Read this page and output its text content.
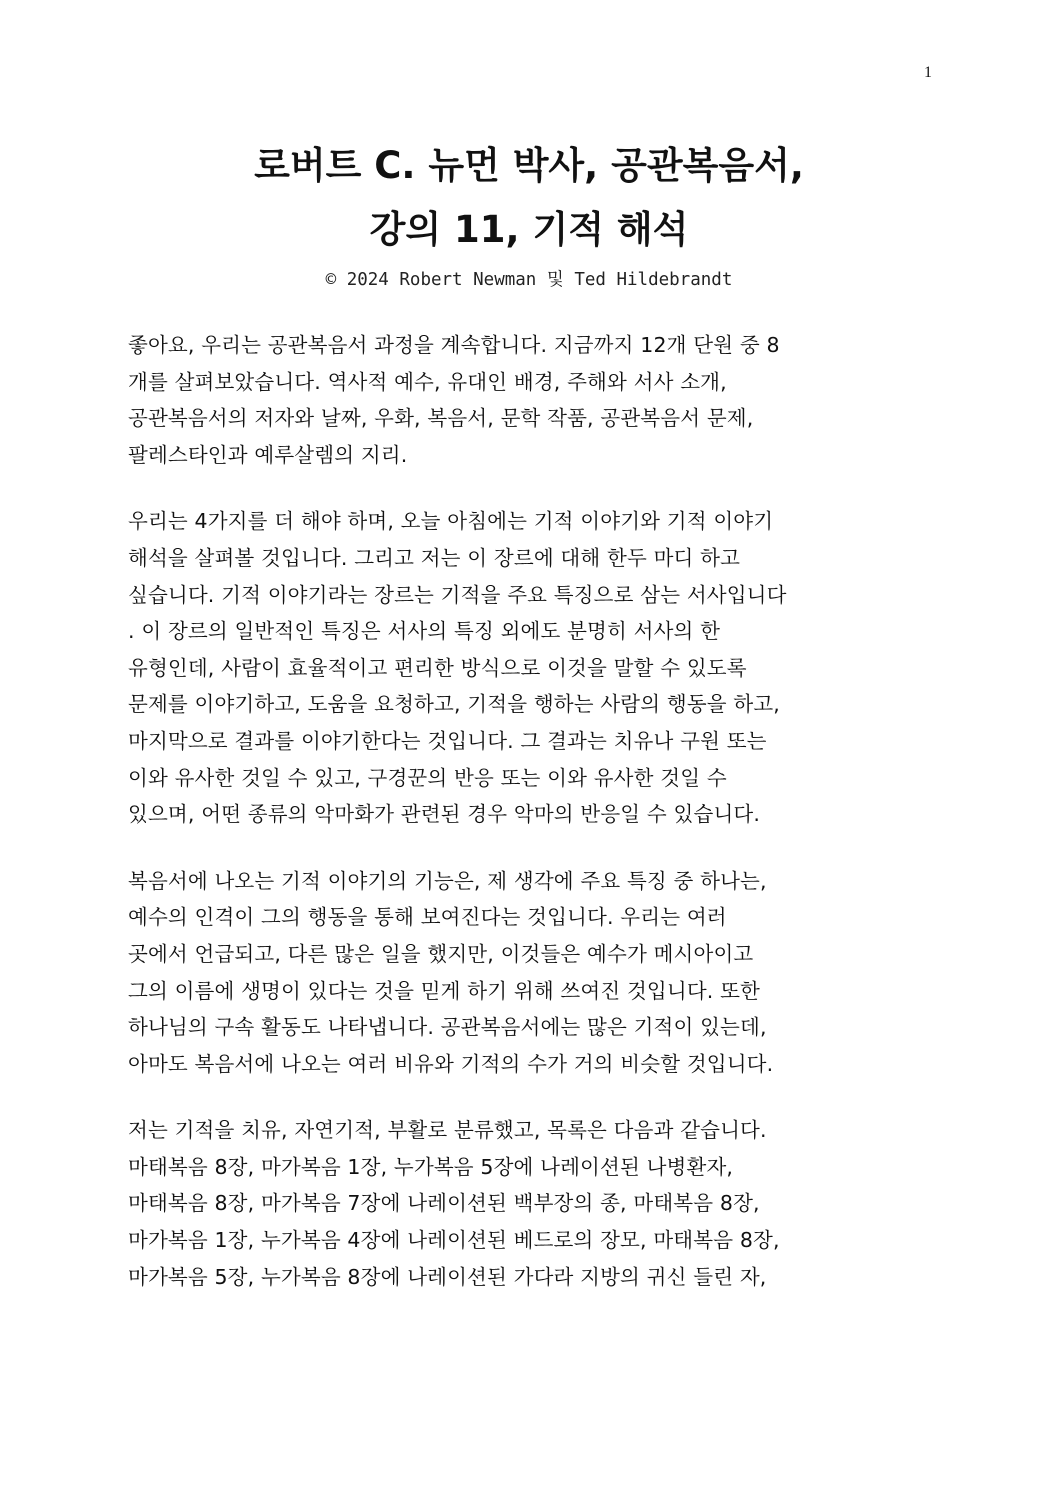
1
로버트 C. 뉴먼 박사, 공관복음서,
강의 11, 기적 해석
© 2024 Robert Newman 및 Ted Hildebrandt

좋아요, 우리는 공관복음서 과정을 계속합니다. 지금까지 12개 단원 중 8
개를 살펴보았습니다. 역사적 예수, 유대인 배경, 주해와 서사 소개,
공관복음서의 저자와 날짜, 우화, 복음서, 문학 작품, 공관복음서 문제,
팔레스타인과 예루살렘의 지리.

우리는 4가지를 더 해야 하며, 오늘 아침에는 기적 이야기와 기적 이야기
해석을 살펴볼 것입니다. 그리고 저는 이 장르에 대해 한두 마디 하고
싶습니다. 기적 이야기라는 장르는 기적을 주요 특징으로 삼는 서사입니다
. 이 장르의 일반적인 특징은 서사의 특징 외에도 분명히 서사의 한
유형인데, 사람이 효율적이고 편리한 방식으로 이것을 말할 수 있도록
문제를 이야기하고, 도움을 요청하고, 기적을 행하는 사람의 행동을 하고,
마지막으로 결과를 이야기한다는 것입니다. 그 결과는 치유나 구원 또는
이와 유사한 것일 수 있고, 구경꾼의 반응 또는 이와 유사한 것일 수
있으며, 어떤 종류의 악마화가 관련된 경우 악마의 반응일 수 있습니다.

복음서에 나오는 기적 이야기의 기능은, 제 생각에 주요 특징 중 하나는,
예수의 인격이 그의 행동을 통해 보여진다는 것입니다. 우리는 여러
곳에서 언급되고, 다른 많은 일을 했지만, 이것들은 예수가 메시아이고
그의 이름에 생명이 있다는 것을 믿게 하기 위해 쓰여진 것입니다. 또한
하나님의 구속 활동도 나타냅니다. 공관복음서에는 많은 기적이 있는데,
아마도 복음서에 나오는 여러 비유와 기적의 수가 거의 비슷할 것입니다.

저는 기적을 치유, 자연기적, 부활로 분류했고, 목록은 다음과 같습니다.
마태복음 8장, 마가복음 1장, 누가복음 5장에 나레이션된 나병환자,
마태복음 8장, 마가복음 7장에 나레이션된 백부장의 종, 마태복음 8장,
마가복음 1장, 누가복음 4장에 나레이션된 베드로의 장모, 마태복음 8장,
마가복음 5장, 누가복음 8장에 나레이션된 가다라 지방의 귀신 들린 자,
